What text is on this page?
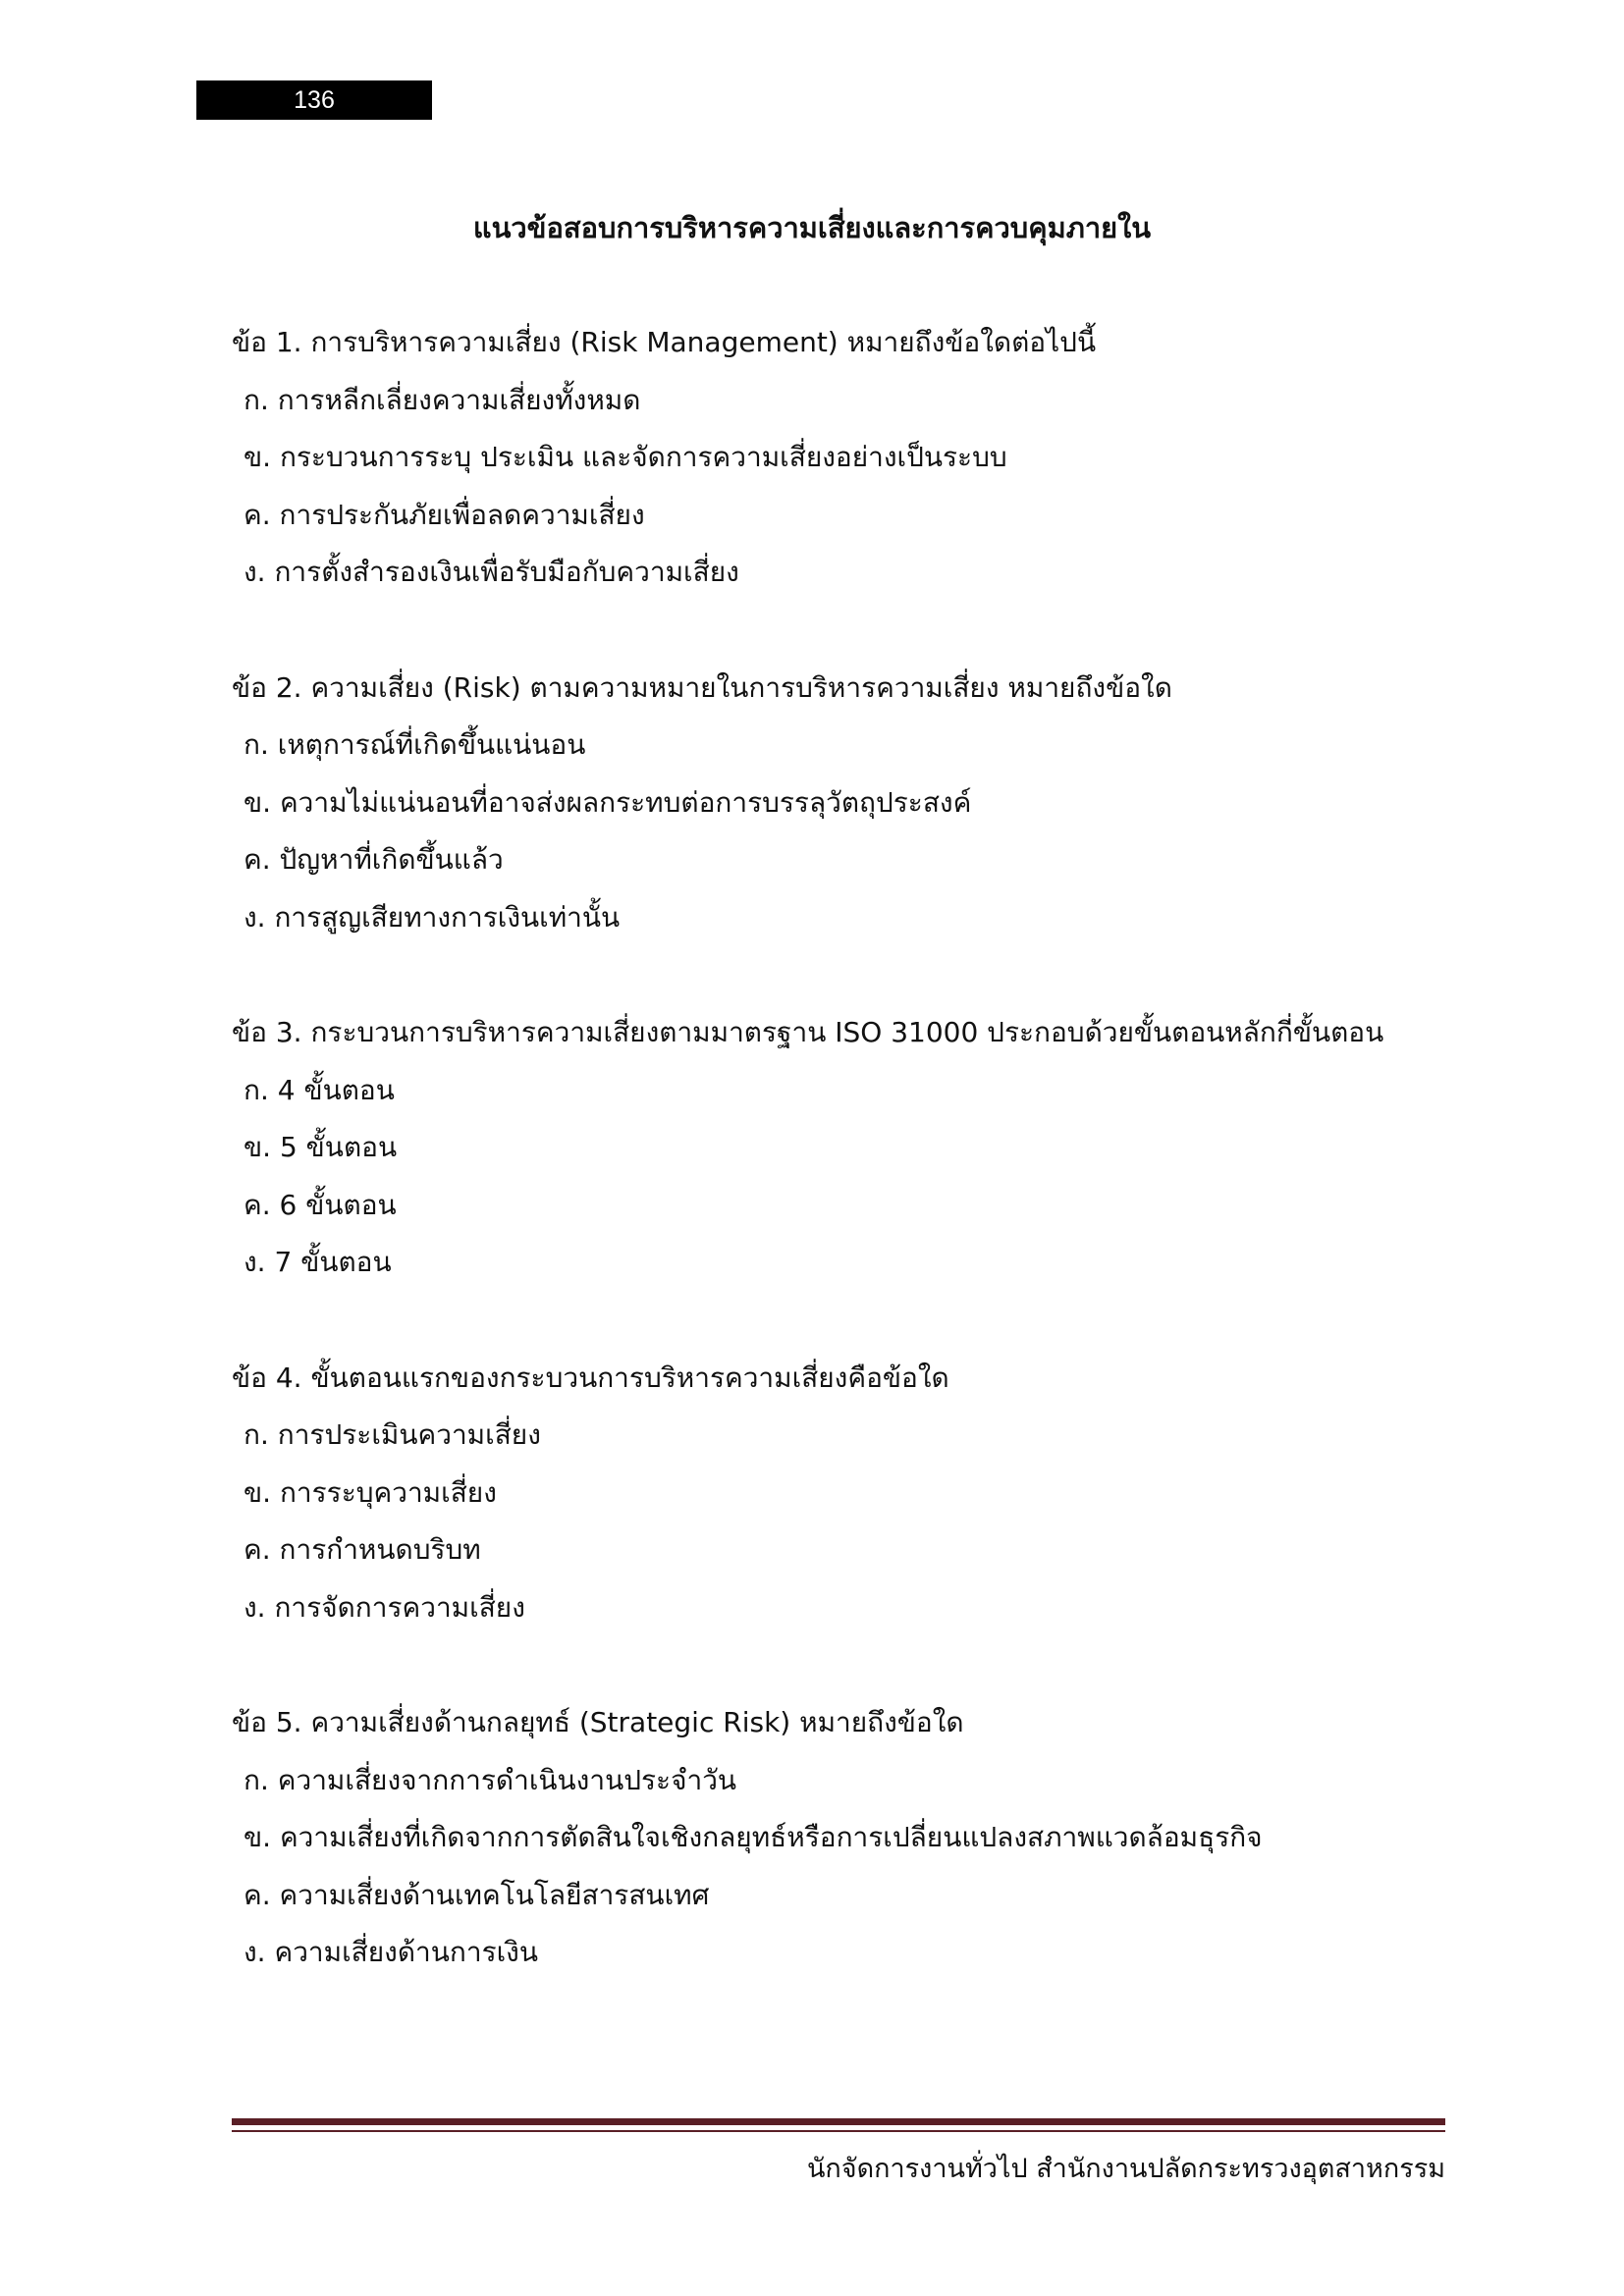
136
แนวข้อสอบการบริหารความเสี่ยงและการควบคุมภายใน
ข้อ 1. การบริหารความเสี่ยง (Risk Management) หมายถึงข้อใดต่อไปนี้
ก. การหลีกเลี่ยงความเสี่ยงทั้งหมด
ข. กระบวนการระบุ ประเมิน และจัดการความเสี่ยงอย่างเป็นระบบ
ค. การประกันภัยเพื่อลดความเสี่ยง
ง. การตั้งสำรองเงินเพื่อรับมือกับความเสี่ยง
ข้อ 2. ความเสี่ยง (Risk) ตามความหมายในการบริหารความเสี่ยง หมายถึงข้อใด
ก. เหตุการณ์ที่เกิดขึ้นแน่นอน
ข. ความไม่แน่นอนที่อาจส่งผลกระทบต่อการบรรลุวัตถุประสงค์
ค. ปัญหาที่เกิดขึ้นแล้ว
ง. การสูญเสียทางการเงินเท่านั้น
ข้อ 3. กระบวนการบริหารความเสี่ยงตามมาตรฐาน ISO 31000 ประกอบด้วยขั้นตอนหลักกี่ขั้นตอน
ก. 4 ขั้นตอน
ข. 5 ขั้นตอน
ค. 6 ขั้นตอน
ง. 7 ขั้นตอน
ข้อ 4. ขั้นตอนแรกของกระบวนการบริหารความเสี่ยงคือข้อใด
ก. การประเมินความเสี่ยง
ข. การระบุความเสี่ยง
ค. การกำหนดบริบท
ง. การจัดการความเสี่ยง
ข้อ 5. ความเสี่ยงด้านกลยุทธ์ (Strategic Risk) หมายถึงข้อใด
ก. ความเสี่ยงจากการดำเนินงานประจำวัน
ข. ความเสี่ยงที่เกิดจากการตัดสินใจเชิงกลยุทธ์หรือการเปลี่ยนแปลงสภาพแวดล้อมธุรกิจ
ค. ความเสี่ยงด้านเทคโนโลยีสารสนเทศ
ง. ความเสี่ยงด้านการเงิน
นักจัดการงานทั่วไป สำนักงานปลัดกระทรวงอุตสาหกรรม
